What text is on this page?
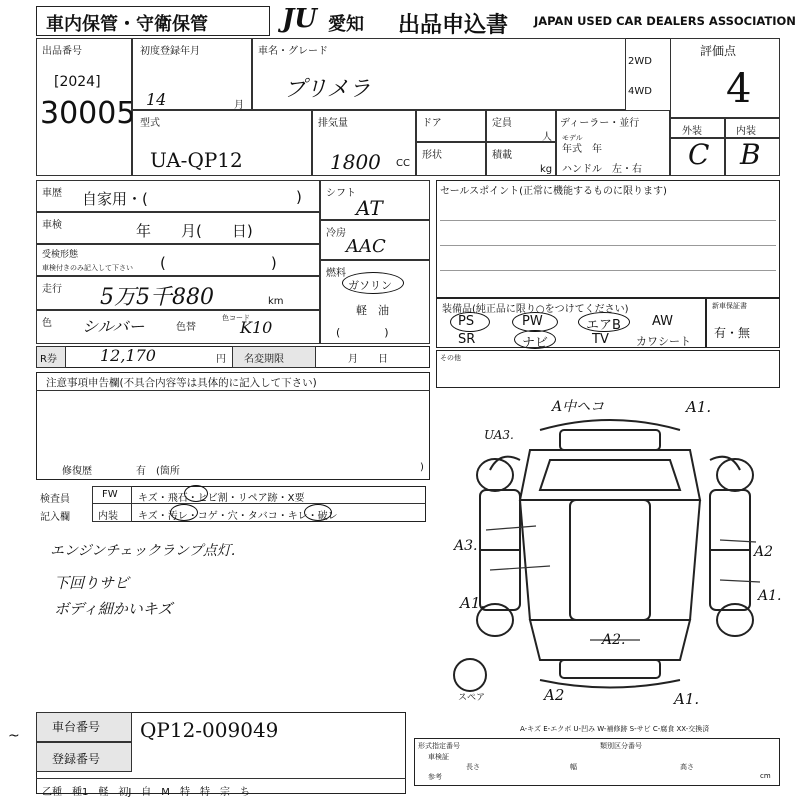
車内保管・守衛保管	JU 愛知 出品申込書 JAPAN USED CAR DEALERS ASSOCIATION
出品番号
[2024]
30005
初度登録年月
14	月
車名・グレード
プリメラ
2WD
4WD
評価点
4
外装	内装
C B
型式
UA-QP12
排気量
1800 CC
ドア	定員
人
形状	積載
kg
ディーラー・並行
モデル
年式　年
ハンドル　左・右
車歴 自家用・(	)
車検	年　　月(　　日)
受検形態
車検付きのみ記入して下さい (　　　　　　　)
走行 5万5千880	km
色 シルバー	色替
色コード
K10
シフト
AT
冷房
AAC
燃料
ガソリン
軽　油
(　　　　)
セールスポイント(正常に機能するものに限ります)
装備品(純正品に限り○をつけてください)
PS	PW	エアB AW
SR	ナビ	TV カワシート
新車保証書
有・無
その他
R券	12,170	円 名変期限	月　　日
注意事項申告欄(不具合内容等は具体的に記入して下さい)
修復歴	有　(箇所	)
検査員
記入欄
FW キズ・飛石・ヒビ割・リペア跡・X要
内装 キズ・汚レ・コゲ・穴・タバコ・キレ・破レ
エンジンチェックランプ点灯.
下回りサビ
ボディ細かいキズ
A中ヘコ	A1.
UA3.
A3.
A1.
A2
A1.
A2.
A2	A1.
スペア
A-キズ E-エクボ U-凹み W-補修跡 S-サビ C-腐食 XX-交換済
~
車台番号 QP12-009049
登録番号
乙種　種1　軽　初J　自　M　特　特　宗　ち
形式指定番号	類別区分番号
車検証
長さ	幅	高さ
参考	cm
